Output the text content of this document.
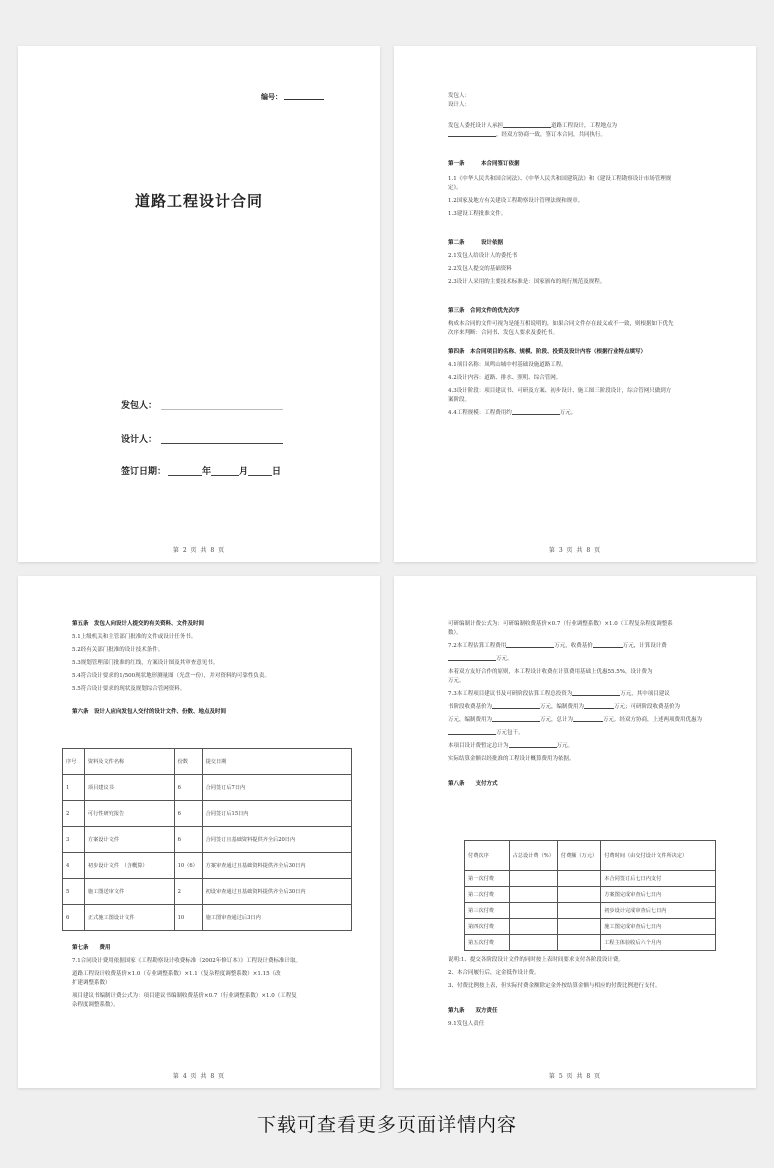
编号：
道路工程设计合同
发包人：
设计人：
签订日期：	年	月	日
第 2 页 共 8 页
发包人：
设计人：
发包人委托设计人承担	道路工程设计，工程地点为
，经双方协商一致，签订本合同，共同执行。
第一条　　　本合同签订依据
1.1《中华人民共和国合同法》、《中华人民共和国建筑法》和《建设工程勘察设计市场管理规
定》。
1.2国家及地方有关建设工程勘察设计管理法规和规章。
1.3建设工程批准文件。
第二条　　　设计依据
2.1发包人给设计人的委托书
2.2发包人提交的基础资料
2.3设计人采用的主要技术标准是：国家颁布的现行规范及规程。
第三条　合同文件的优先次序
构成本合同的文件可视为是能互相说明的，如果合同文件存在歧义或不一致，则根据如下优先
次序来判断：合同书、发包人要求及委托书。
第四条　本合同项目的名称、规模、阶段、投资及设计内容（根据行业特点填写）
4.1项目名称：凤鸣山城中村基础设施道路工程。
4.2设计内容：道路、排水、照明、综合管网。
4.3设计阶段：项目建议书、可研及方案、初步设计、施工图三阶段设计，综合管网只做到方
案阶段。
4.4工程规模：工程费用约	万元。
第 3 页 共 8 页
第五条　发包人向设计人提交的有关资料、文件及时间
5.1上级机关和主管部门批准的文件或设计任务书。
5.2经有关部门批准的设计技术条件。
5.3规划管理部门批准的红线，方案设计图及其审查意见书。
5.4符合设计要求的1/500现状地形测量图（光盘一份），并对资料的可靠性负责。
5.5符合设计要求的现状及规划综合管网资料。
第六条　设计人应向发包人交付的设计文件、份数、地点及时间
序号	资料及文件名称	份数	提交日期
1	项目建议书	6	合同签订后7日内
2	可行性研究报告	6	合同签订后15日内
3	方案设计文件	6	合同签订且基础资料提供齐全后20日内
4	初步设计文件　（含概算）	10（6）	方案审查通过且基础资料提供齐全后30日内
5	施工图送审文件	2	初设审查通过且基础资料提供齐全后30日内
6	正式施工图设计文件	10	施工图审查通过后3日内
第七条　　费用
7.1合同设计费用依据国家《工程勘察设计收费标准（2002年修订本）》工程设计费标准计取。
道路工程设计收费基价×1.0（专业调整系数）×1.1（复杂程度调整系数）×1.15（改
扩建调整系数）
项目建议书编制计费公式为：项目建议书编制收费基价×0.7（行业调整系数）×1.0（工程复
杂程度调整系数）。
第 4 页 共 8 页
可研编制计费公式为：可研编制收费基价×0.7（行业调整系数）×1.0（工程复杂程度调整系
数）。
7.2本工程估算工程费用	万元，收费基价	万元，计算设计费
万元。
本着双方友好合作的原则，本工程设计收费在计算费用基础上优惠55.5%，设计费为
万元。
7.3本工程项目建议书及可研阶段估算工程总投资为	万元，其中项目建议
书阶段收费基价为	万元，编制费用为	万元；可研阶段收费基价为
万元，编制费用为	万元，总计为	万元。经双方协商，上述两项费用优惠为
万元包干。
本项目设计费暂定总计为	万元。
实际结算金额以经批准的工程设计概算费用为依据。
第八条　　支付方式
付费次序	占总设计费（%）	付费额（万元）	付费时间（由交付设计文件所决定）
第一次付费			本合同签订后七日内支付
第二次付费			方案图完成审查后七日内
第三次付费			初步设计完成审查后七日内
第四次付费			施工图完成审查后七日内
第五次付费			工程主体验收后六个月内
说明:1、提交各阶段设计文件的同时按上表时间要求支付各阶段设计费。
2、本合同履行后，定金抵作设计费。
3、付费比例按上表，但实际付费金额除定金外按结算金额与相应的付费比例进行支付。
第九条　　双方责任
9.1发包人责任
第 5 页 共 8 页
下载可查看更多页面详情内容
